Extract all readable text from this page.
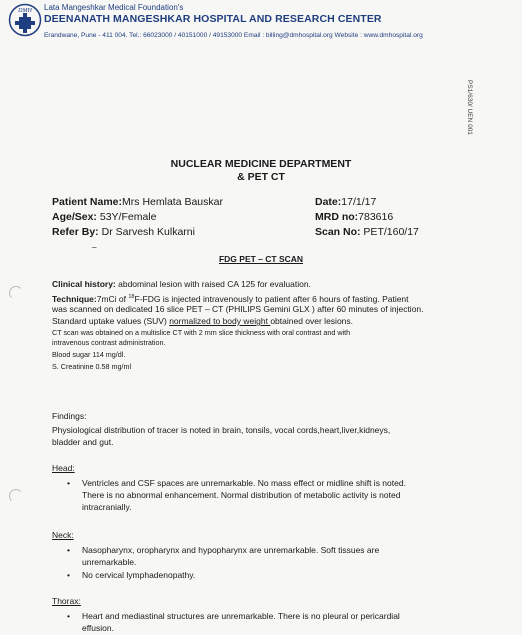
DMH Lata Mangeshkar Medical Foundation's
DEENANATH MANGESHKAR HOSPITAL AND RESEARCH CENTER
Erandwane, Pune - 411 004. Tel.: 66023000 / 40151000 / 49153000 Email : billing@dmhospital.org Website : www.dmhospital.org
PS1/630/ UEN 001
NUCLEAR MEDICINE DEPARTMENT
& PET CT
Patient Name:Mrs Hemlata Bauskar
Age/Sex: 53Y/Female
Refer By: Dr Sarvesh Kulkarni
Date:17/1/17
MRD no:783616
Scan No: PET/160/17
_
FDG PET – CT SCAN
Clinical history: abdominal lesion with raised CA 125 for evaluation.
Technique:7mCi of $^{18}$F-FDG is injected intravenously to patient after 6 hours of fasting. Patient
was scanned on dedicated 16 slice PET – CT (PHILIPS Gemini GLX ) after 60 minutes of injection.
Standard uptake values (SUV) normalized to body weight obtained over lesions.
CT scan was obtained on a multislice CT with 2 mm slice thickness with oral contrast and with
intravenous contrast administration.
Blood sugar 114 mg/dl.
S. Creatinine 0.58 mg/ml
Findings:
Physiological distribution of tracer is noted in brain, tonsils, vocal cords,heart,liver,kidneys,
bladder and gut.
Head:
• Ventricles and CSF spaces are unremarkable. No mass effect or midline shift is noted.
There is no abnormal enhancement. Normal distribution of metabolic activity is noted
intracranially.
Neck:
• Nasopharynx, oropharynx and hypopharynx are unremarkable. Soft tissues are
unremarkable.
• No cervical lymphadenopathy.
Thorax:
• Heart and mediastinal structures are unremarkable. There is no pleural or pericardial
effusion.
